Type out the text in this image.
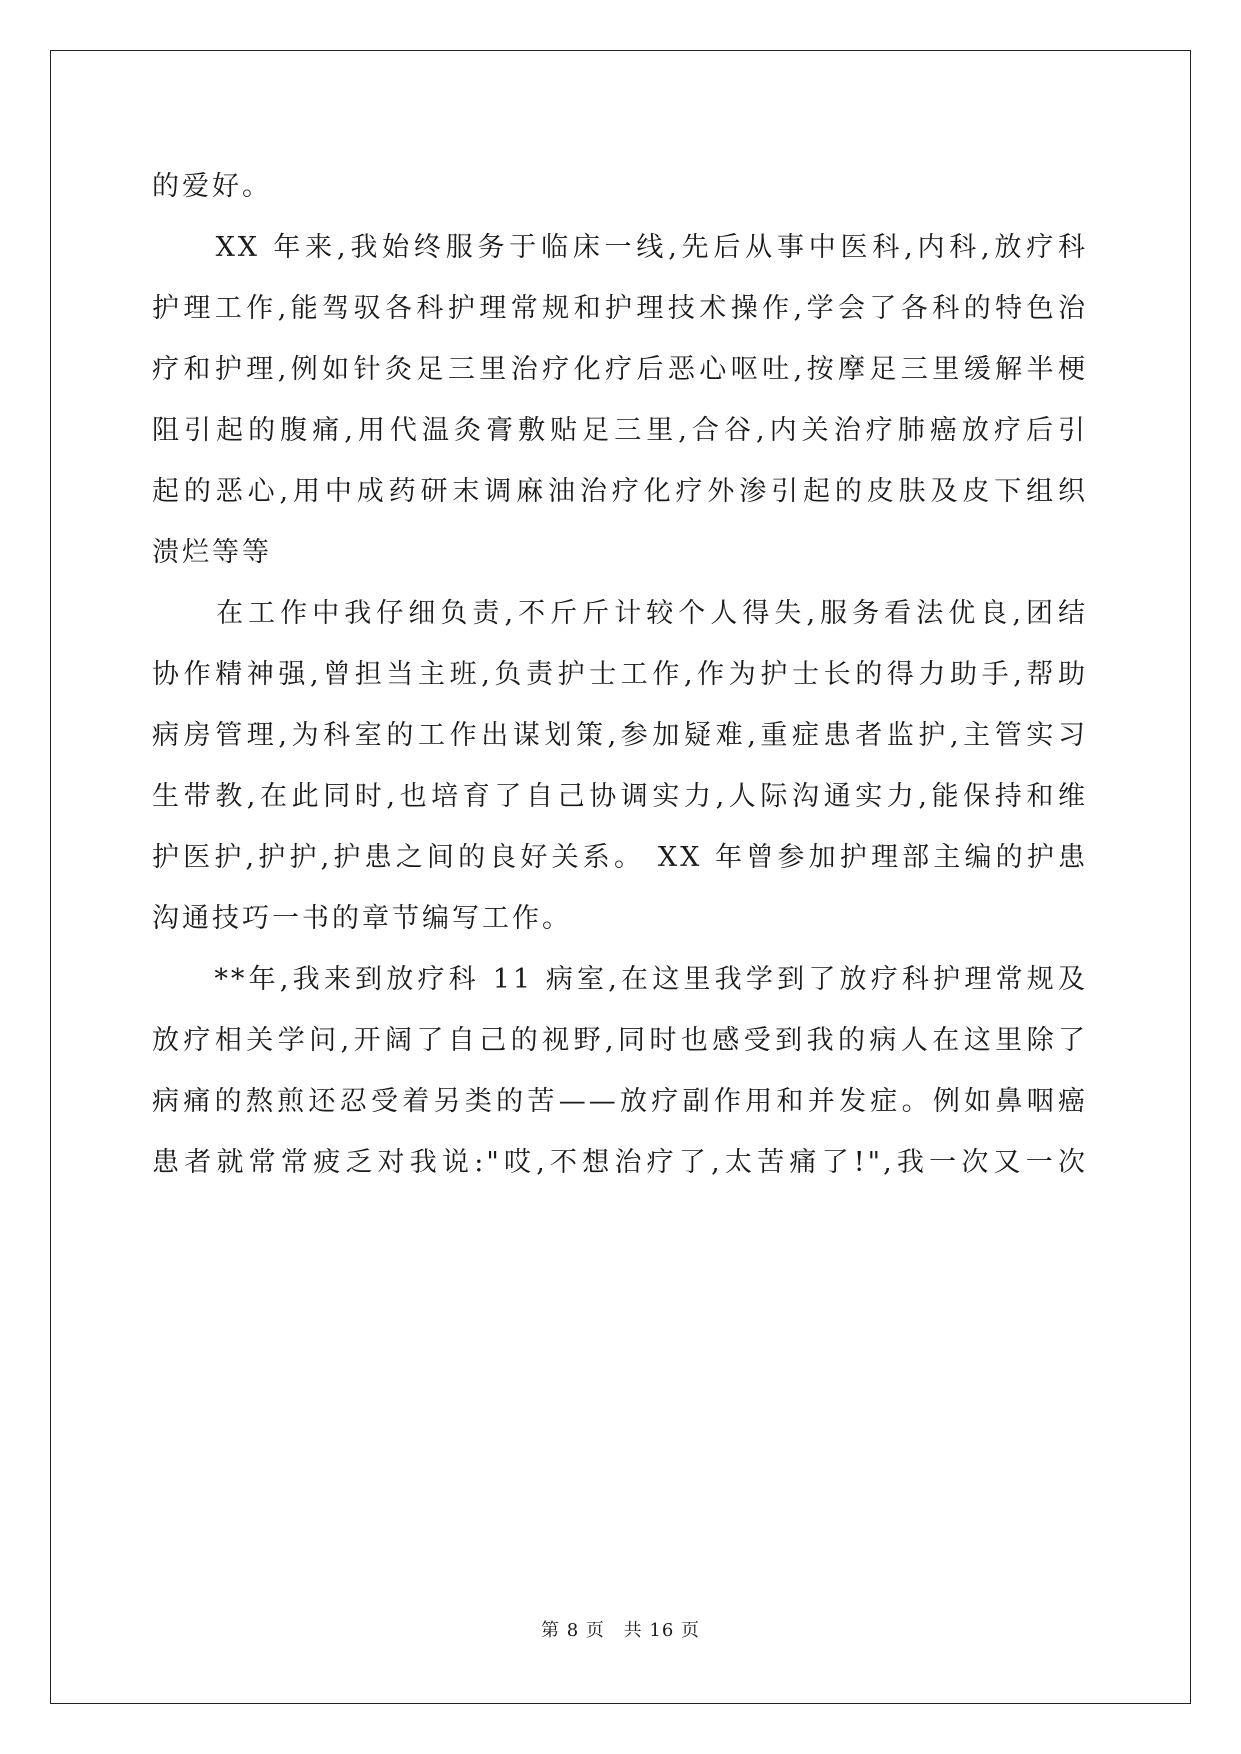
的爱好。
　　XX 年来,我始终服务于临床一线,先后从事中医科,内科,放疗科
护理工作,能驾驭各科护理常规和护理技术操作,学会了各科的特色治
疗和护理,例如针灸足三里治疗化疗后恶心呕吐,按摩足三里缓解半梗
阻引起的腹痛,用代温灸膏敷贴足三里,合谷,内关治疗肺癌放疗后引
起的恶心,用中成药研末调麻油治疗化疗外渗引起的皮肤及皮下组织
溃烂等等
　　在工作中我仔细负责,不斤斤计较个人得失,服务看法优良,团结
协作精神强,曾担当主班,负责护士工作,作为护士长的得力助手,帮助
病房管理,为科室的工作出谋划策,参加疑难,重症患者监护,主管实习
生带教,在此同时,也培育了自己协调实力,人际沟通实力,能保持和维
护医护,护护,护患之间的良好关系。 XX 年曾参加护理部主编的护患
沟通技巧一书的章节编写工作。
　　**年,我来到放疗科 11 病室,在这里我学到了放疗科护理常规及
放疗相关学问,开阔了自己的视野,同时也感受到我的病人在这里除了
病痛的熬煎还忍受着另类的苦——放疗副作用和并发症。例如鼻咽癌
患者就常常疲乏对我说:"哎,不想治疗了,太苦痛了!",我一次又一次
第 8 页 共 16 页
